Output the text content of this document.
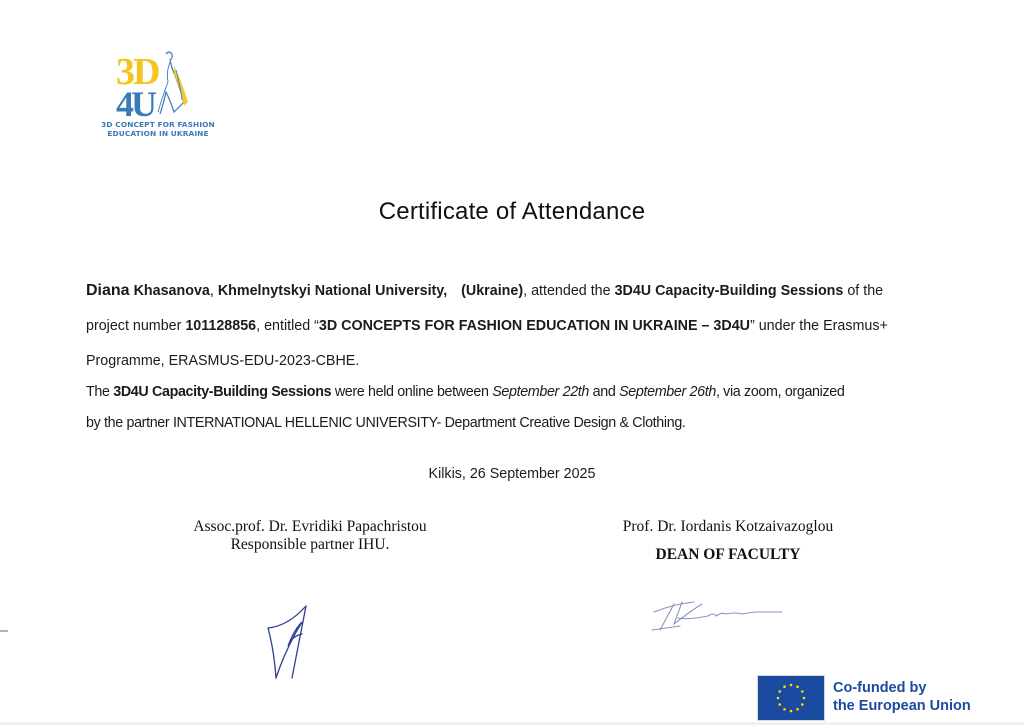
3D
4U
3D CONCEPT FOR FASHION
EDUCATION IN UKRAINE
Certificate of Attendance
Diana Khasanova, Khmelnytskyi National University, (Ukraine), attended the 3D4U Capacity-Building Sessions of the
project number 101128856, entitled “3D CONCEPTS FOR FASHION EDUCATION IN UKRAINE – 3D4U” under the Erasmus+
Programme, ERASMUS-EDU-2023-CBHE.
The 3D4U Capacity-Building Sessions were held online between September 22th and September 26th, via zoom, organized
by the partner INTERNATIONAL HELLENIC UNIVERSITY- Department Creative Design & Clothing.
Kilkis, 26 September 2025
Assoc.prof. Dr. Evridiki Papachristou
Responsible partner IHU.
Prof. Dr. Iordanis Kotzaivazoglou
DEAN OF FACULTY
Co-funded by
the European Union
